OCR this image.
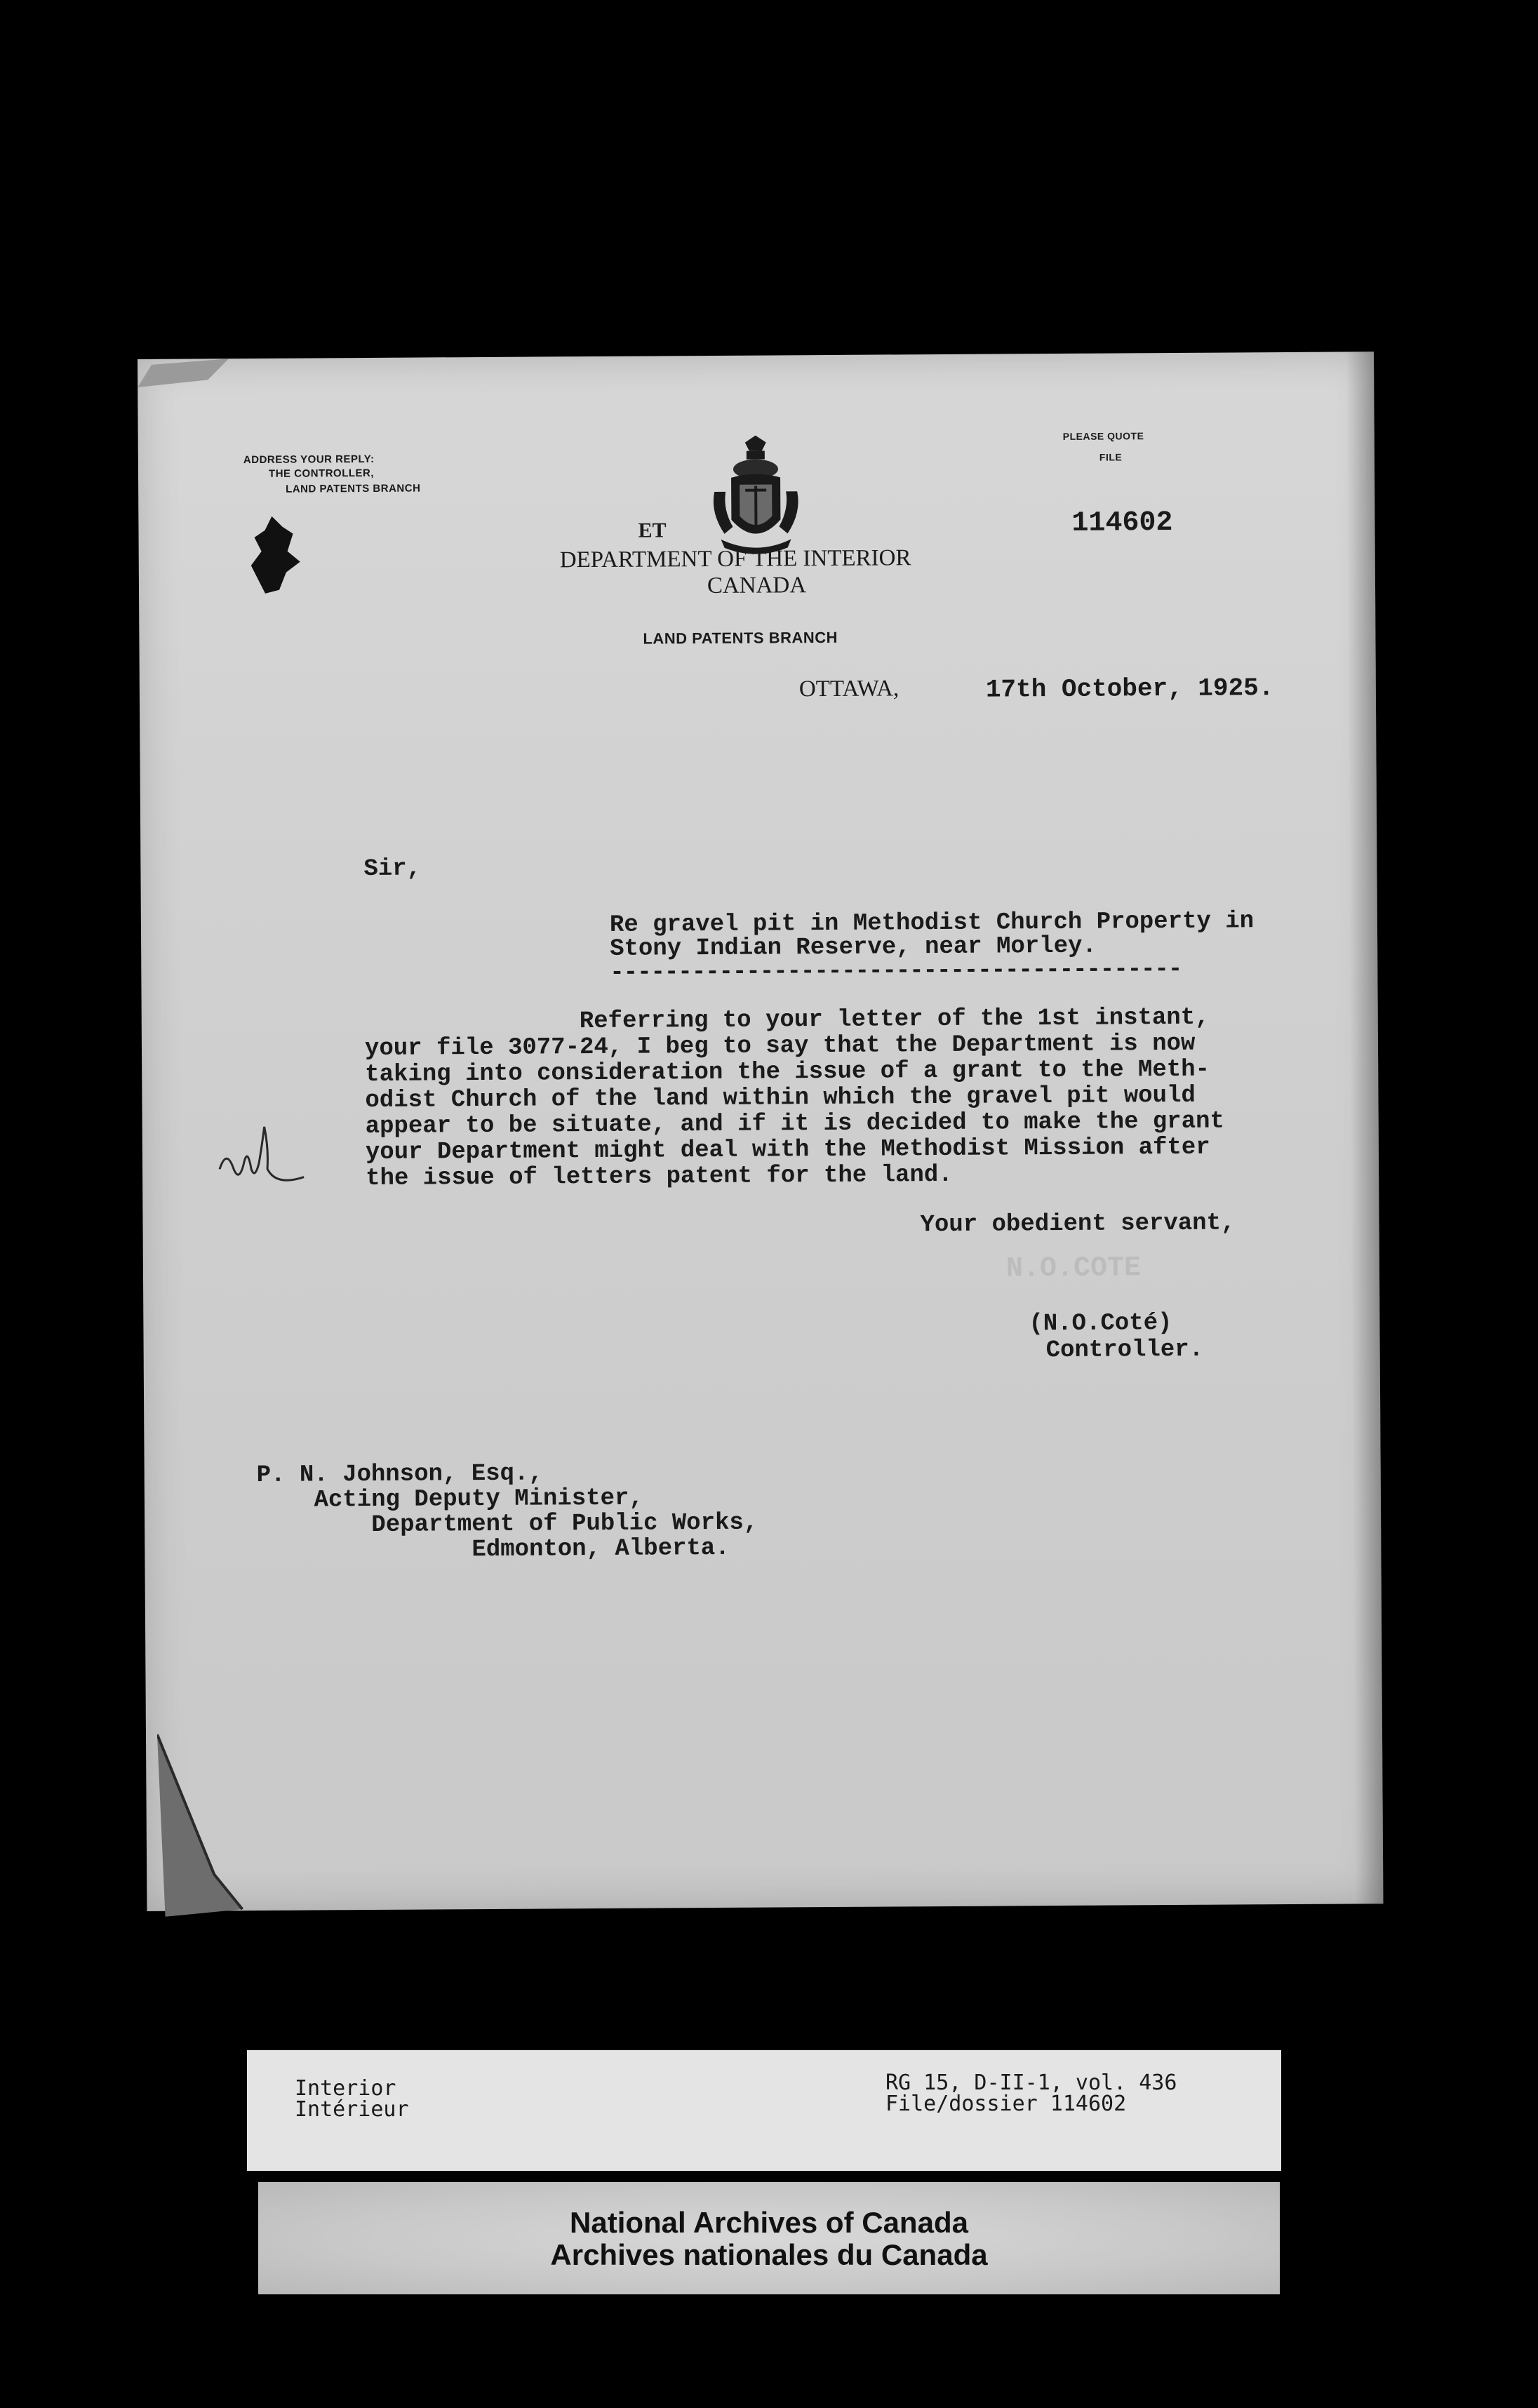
ADDRESS YOUR REPLY:
THE CONTROLLER,
LAND PATENTS BRANCH
ET
DEPARTMENT OF THE INTERIOR
CANADA
LAND PATENTS BRANCH
PLEASE QUOTE
FILE
114602
OTTAWA,	17th October, 1925.
Sir,
Re gravel pit in Methodist Church Property in
Stony Indian Reserve, near Morley.
------------------------------------------
Referring to your letter of the 1st instant,
your file 3077-24, I beg to say that the Department is now
taking into consideration the issue of a grant to the Meth-
odist Church of the land within which the gravel pit would
appear to be situate, and if it is decided to make the grant
your Department might deal with the Methodist Mission after
the issue of letters patent for the land.
Your obedient servant,
N.O.COTE
(N.O.Coté)
Controller.
P. N. Johnson, Esq.,
Acting Deputy Minister,
Department of Public Works,
Edmonton, Alberta.
Interior
Intérieur
RG 15, D-II-1, vol. 436
File/dossier 114602
National Archives of Canada
Archives nationales du Canada
